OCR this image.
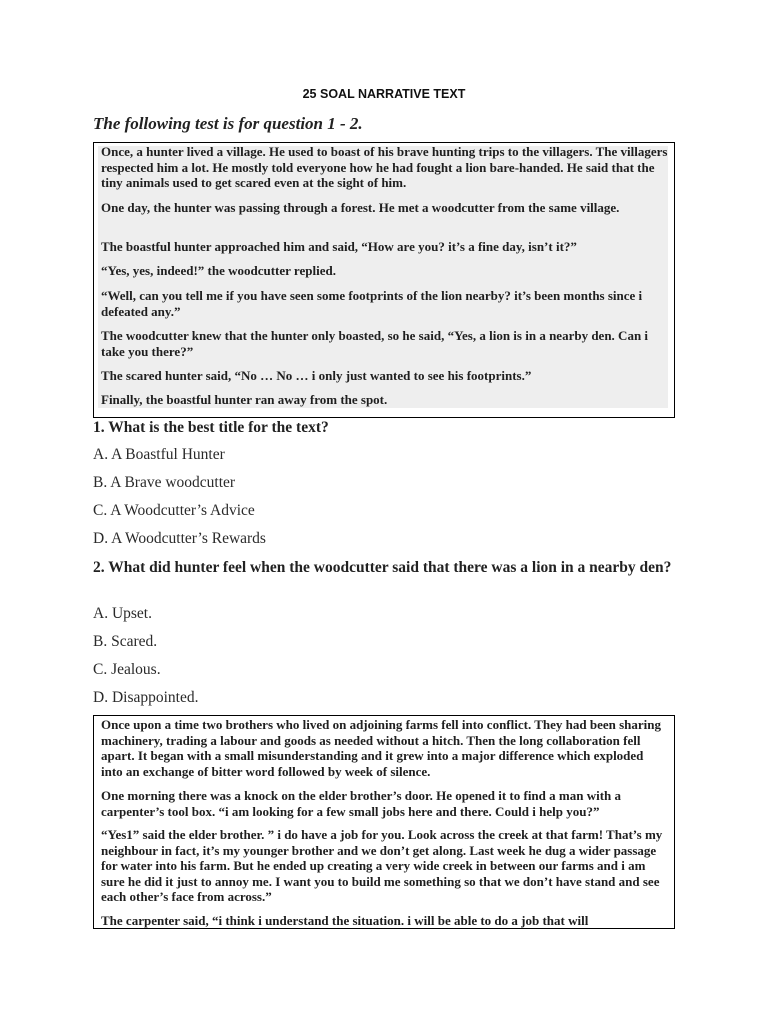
25 SOAL NARRATIVE TEXT
The following test is for question 1 - 2.

Once, a hunter lived a village. He used to boast of his brave hunting trips to the villagers. The villagers respected him a lot. He mostly told everyone how he had fought a lion bare-handed. He said that the tiny animals used to get scared even at the sight of him.

One day, the hunter was passing through a forest. He met a woodcutter from the same village.

The boastful hunter approached him and said, “How are you? it’s a fine day, isn’t it?”

“Yes, yes, indeed!” the woodcutter replied.

“Well, can you tell me if you have seen some footprints of the lion nearby? it’s been months since i defeated any.”

The woodcutter knew that the hunter only boasted, so he said, “Yes, a lion is in a nearby den. Can i take you there?”

The scared hunter said, “No … No … i only just wanted to see his footprints.”

Finally, the boastful hunter ran away from the spot.

1. What is the best title for the text?
A. A Boastful Hunter
B. A Brave woodcutter
C. A Woodcutter’s Advice
D. A Woodcutter’s Rewards
2. What did hunter feel when the woodcutter said that there was a lion in a nearby den?
A. Upset.
B. Scared.
C. Jealous.
D. Disappointed.

Once upon a time two brothers who lived on adjoining farms fell into conflict. They had been sharing machinery, trading a labour and goods as needed without a hitch. Then the long collaboration fell apart. It began with a small misunderstanding and it grew into a major difference which exploded into an exchange of bitter word followed by week of silence.

One morning there was a knock on the elder brother’s door. He opened it to find a man with a carpenter’s tool box. “i am looking for a few small jobs here and there. Could i help you?”

“Yes1” said the elder brother. ” i do have a job for you. Look across the creek at that farm! That’s my neighbour in fact, it’s my younger brother and we don’t get along. Last week he dug a wider passage for water into his farm. But he ended up creating a very wide creek in between our farms and i am sure he did it just to annoy me. I want you to build me something so that we don’t have stand and see each other’s face from across.”

The carpenter said, “i think i understand the situation. i will be able to do a job that will
